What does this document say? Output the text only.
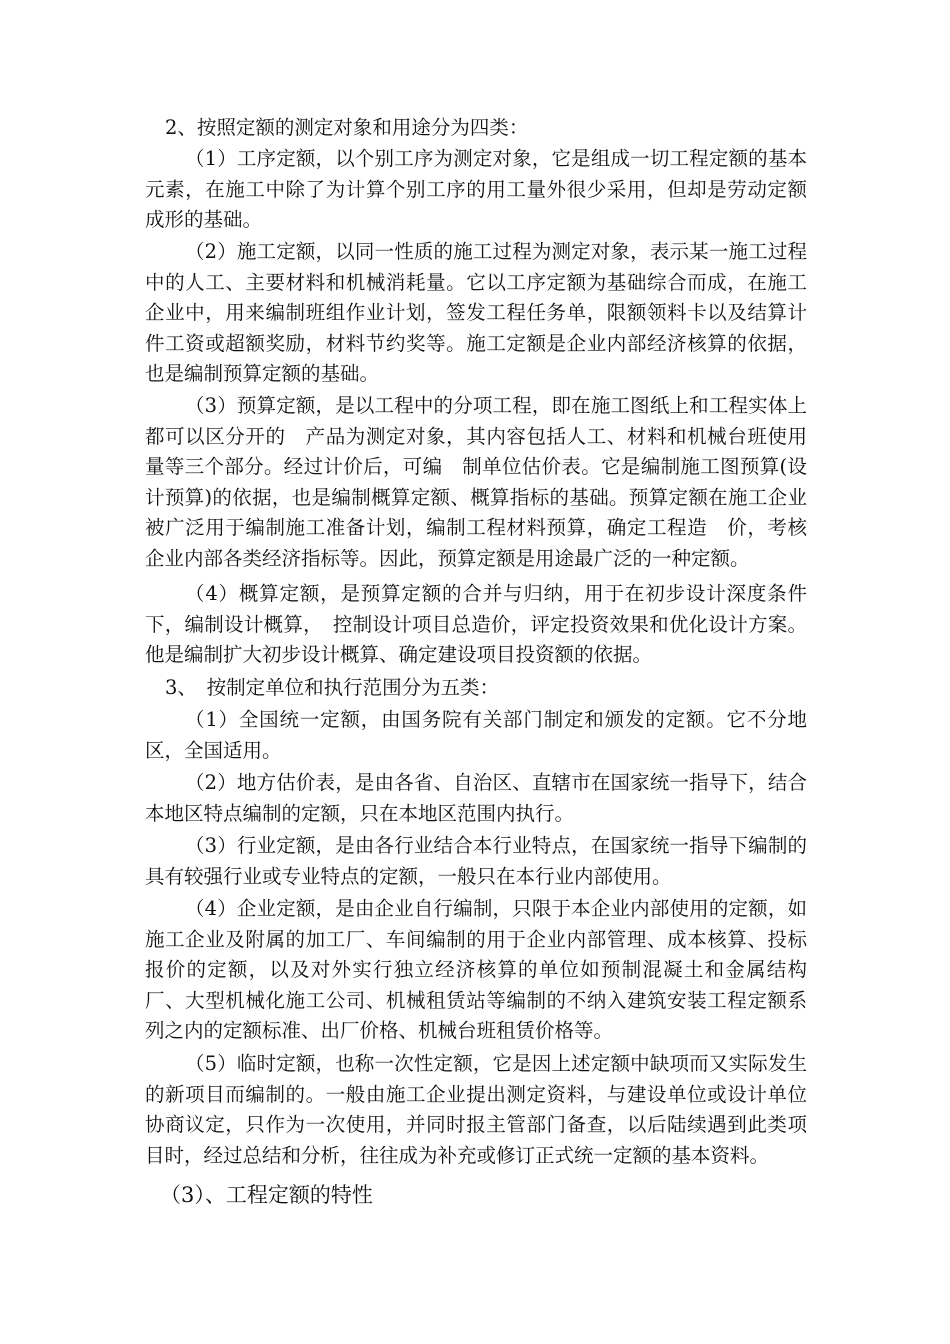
2、按照定额的测定对象和用途分为四类：

（1）工序定额，以个别工序为测定对象，它是组成一切工程定额的基本元素，在施工中除了为计算个别工序的用工量外很少采用，但却是劳动定额成形的基础。

（2）施工定额，以同一性质的施工过程为测定对象，表示某一施工过程中的人工、主要材料和机械消耗量。它以工序定额为基础综合而成，在施工企业中，用来编制班组作业计划，签发工程任务单，限额领料卡以及结算计件工资或超额奖励，材料节约奖等。施工定额是企业内部经济核算的依据，也是编制预算定额的基础。

（3）预算定额，是以工程中的分项工程，即在施工图纸上和工程实体上都可以区分开的　产品为测定对象，其内容包括人工、材料和机械台班使用量等三个部分。经过计价后，可编　制单位估价表。它是编制施工图预算(设计预算)的依据，也是编制概算定额、概算指标的基础。预算定额在施工企业被广泛用于编制施工准备计划，编制工程材料预算，确定工程造　价，考核企业内部各类经济指标等。因此，预算定额是用途最广泛的一种定额。

（4）概算定额，是预算定额的合并与归纳，用于在初步设计深度条件下，编制设计概算，　控制设计项目总造价，评定投资效果和优化设计方案。他是编制扩大初步设计概算、确定建设项目投资额的依据。

3、　按制定单位和执行范围分为五类：

（1）全国统一定额，由国务院有关部门制定和颁发的定额。它不分地区，全国适用。

（2）地方估价表，是由各省、自治区、直辖市在国家统一指导下，结合本地区特点编制的定额，只在本地区范围内执行。

（3）行业定额，是由各行业结合本行业特点，在国家统一指导下编制的具有较强行业或专业特点的定额，一般只在本行业内部使用。

（4）企业定额，是由企业自行编制，只限于本企业内部使用的定额，如施工企业及附属的加工厂、车间编制的用于企业内部管理、成本核算、投标报价的定额，以及对外实行独立经济核算的单位如预制混凝土和金属结构厂、大型机械化施工公司、机械租赁站等编制的不纳入建筑安装工程定额系列之内的定额标准、出厂价格、机械台班租赁价格等。

（5）临时定额，也称一次性定额，它是因上述定额中缺项而又实际发生的新项目而编制的。一般由施工企业提出测定资料，与建设单位或设计单位协商议定，只作为一次使用，并同时报主管部门备查，以后陆续遇到此类项目时，经过总结和分析，往往成为补充或修订正式统一定额的基本资料。

（3）、工程定额的特性
